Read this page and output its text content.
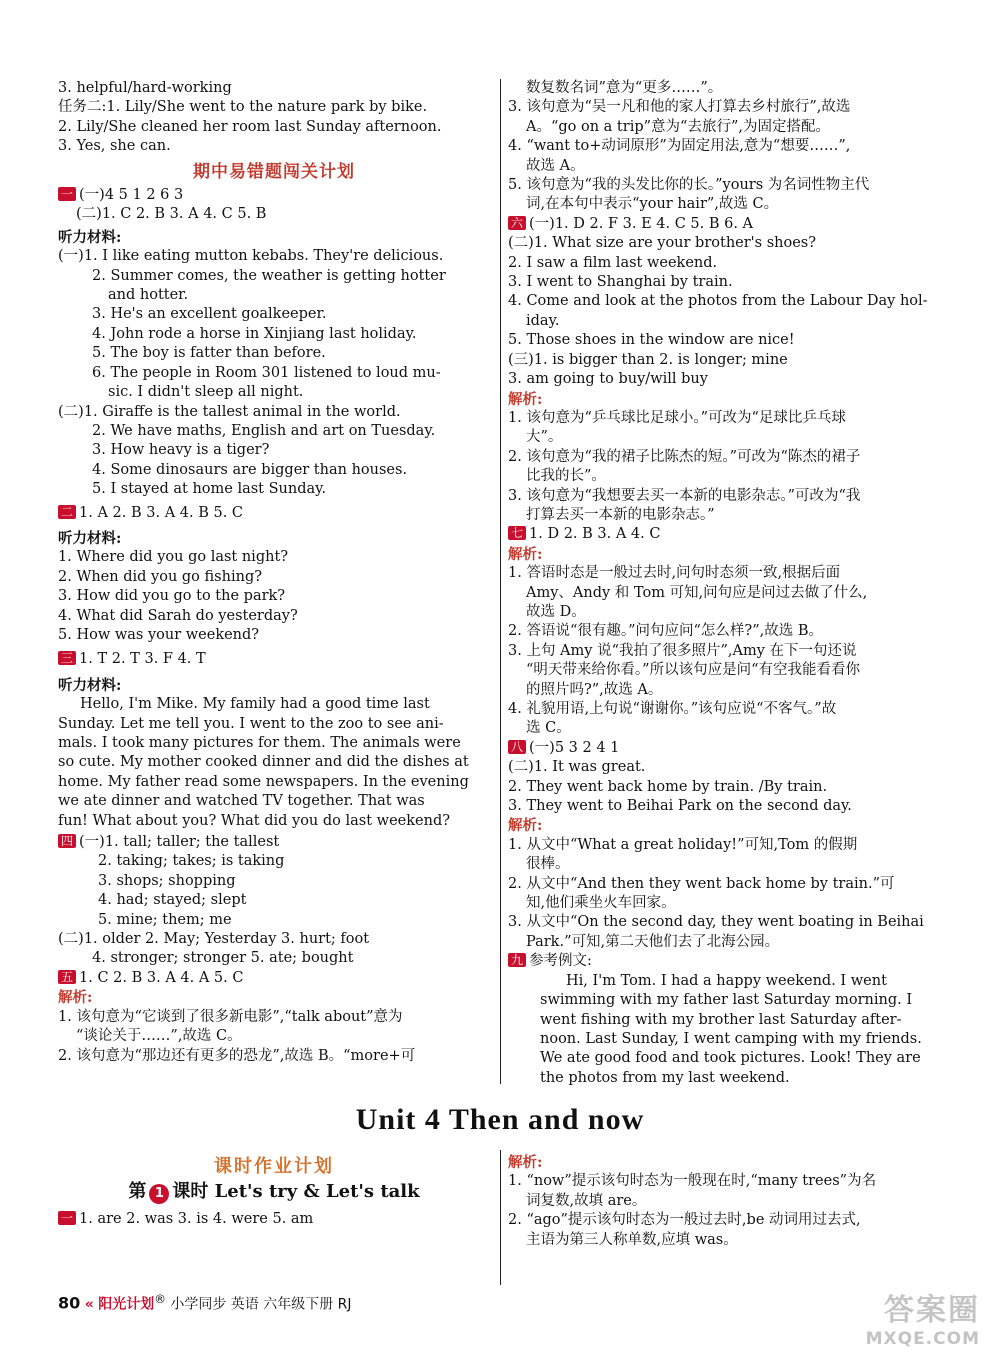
3. helpful/hard-working
任务二:1. Lily/She went to the nature park by bike.
2. Lily/She cleaned her room last Sunday afternoon.
3. Yes, she can.
期中易错题闯关计划
一 (一)4 5 1 2 6 3
(二)1. C 2. B 3. A 4. C 5. B
听力材料:
(一)1. I like eating mutton kebabs. They're delicious.
2. Summer comes, the weather is getting hotter
and hotter.
3. He's an excellent goalkeeper.
4. John rode a horse in Xinjiang last holiday.
5. The boy is fatter than before.
6. The people in Room 301 listened to loud mu-
sic. I didn't sleep all night.
(二)1. Giraffe is the tallest animal in the world.
2. We have maths, English and art on Tuesday.
3. How heavy is a tiger?
4. Some dinosaurs are bigger than houses.
5. I stayed at home last Sunday.
二 1. A 2. B 3. A 4. B 5. C
听力材料:
1. Where did you go last night?
2. When did you go fishing?
3. How did you go to the park?
4. What did Sarah do yesterday?
5. How was your weekend?
三 1. T 2. T 3. F 4. T
听力材料:
Hello, I'm Mike. My family had a good time last
Sunday. Let me tell you. I went to the zoo to see ani-
mals. I took many pictures for them. The animals were
so cute. My mother cooked dinner and did the dishes at
home. My father read some newspapers. In the evening
we ate dinner and watched TV together. That was
fun! What about you? What did you do last weekend?
四 (一)1. tall; taller; the tallest
2. taking; takes; is taking
3. shops; shopping
4. had; stayed; slept
5. mine; them; me
(二)1. older 2. May; Yesterday 3. hurt; foot
4. stronger; stronger 5. ate; bought
五 1. C 2. B 3. A 4. A 5. C
解析:
1. 该句意为“它谈到了很多新电影”,“talk about”意为
“谈论关于……”,故选 C。
2. 该句意为“那边还有更多的恐龙”,故选 B。“more+可
数复数名词”意为“更多……”。
3. 该句意为“吴一凡和他的家人打算去乡村旅行”,故选
A。“go on a trip”意为“去旅行”,为固定搭配。
4. “want to+动词原形”为固定用法,意为“想要……”,
故选 A。
5. 该句意为“我的头发比你的长。”yours 为名词性物主代
词,在本句中表示“your hair”,故选 C。
六 (一)1. D 2. F 3. E 4. C 5. B 6. A
(二)1. What size are your brother's shoes?
2. I saw a film last weekend.
3. I went to Shanghai by train.
4. Come and look at the photos from the Labour Day hol-
iday.
5. Those shoes in the window are nice!
(三)1. is bigger than 2. is longer; mine
3. am going to buy/will buy
解析:
1. 该句意为“乒乓球比足球小。”可改为“足球比乒乓球
大”。
2. 该句意为“我的裙子比陈杰的短。”可改为“陈杰的裙子
比我的长”。
3. 该句意为“我想要去买一本新的电影杂志。”可改为“我
打算去买一本新的电影杂志。”
七 1. D 2. B 3. A 4. C
解析:
1. 答语时态是一般过去时,问句时态须一致,根据后面
Amy、Andy 和 Tom 可知,问句应是问过去做了什么,
故选 D。
2. 答语说“很有趣。”问句应问“怎么样?”,故选 B。
3. 上句 Amy 说“我拍了很多照片”,Amy 在下一句还说
“明天带来给你看。”所以该句应是问“有空我能看看你
的照片吗?”,故选 A。
4. 礼貌用语,上句说“谢谢你。”该句应说“不客气。”故
选 C。
八 (一)5 3 2 4 1
(二)1. It was great.
2. They went back home by train. /By train.
3. They went to Beihai Park on the second day.
解析:
1. 从文中“What a great holiday!”可知,Tom 的假期
很棒。
2. 从文中“And then they went back home by train.”可
知,他们乘坐火车回家。
3. 从文中“On the second day, they went boating in Beihai
Park.”可知,第二天他们去了北海公园。
九 参考例文:
Hi, I'm Tom. I had a happy weekend. I went
swimming with my father last Saturday morning. I
went fishing with my brother last Saturday after-
noon. Last Sunday, I went camping with my friends.
We ate good food and took pictures. Look! They are
the photos from my last weekend.
Unit 4 Then and now
课时作业计划
第 1 课时 Let's try & Let's talk
一 1. are 2. was 3. is 4. were 5. am
解析:
1. “now”提示该句时态为一般现在时,“many trees”为名
词复数,故填 are。
2. “ago”提示该句时态为一般过去时,be 动词用过去式,
主语为第三人称单数,应填 was。
80 « 阳光计划® 小学同步 英语 六年级下册 RJ	答案圈
MXQE.COM
